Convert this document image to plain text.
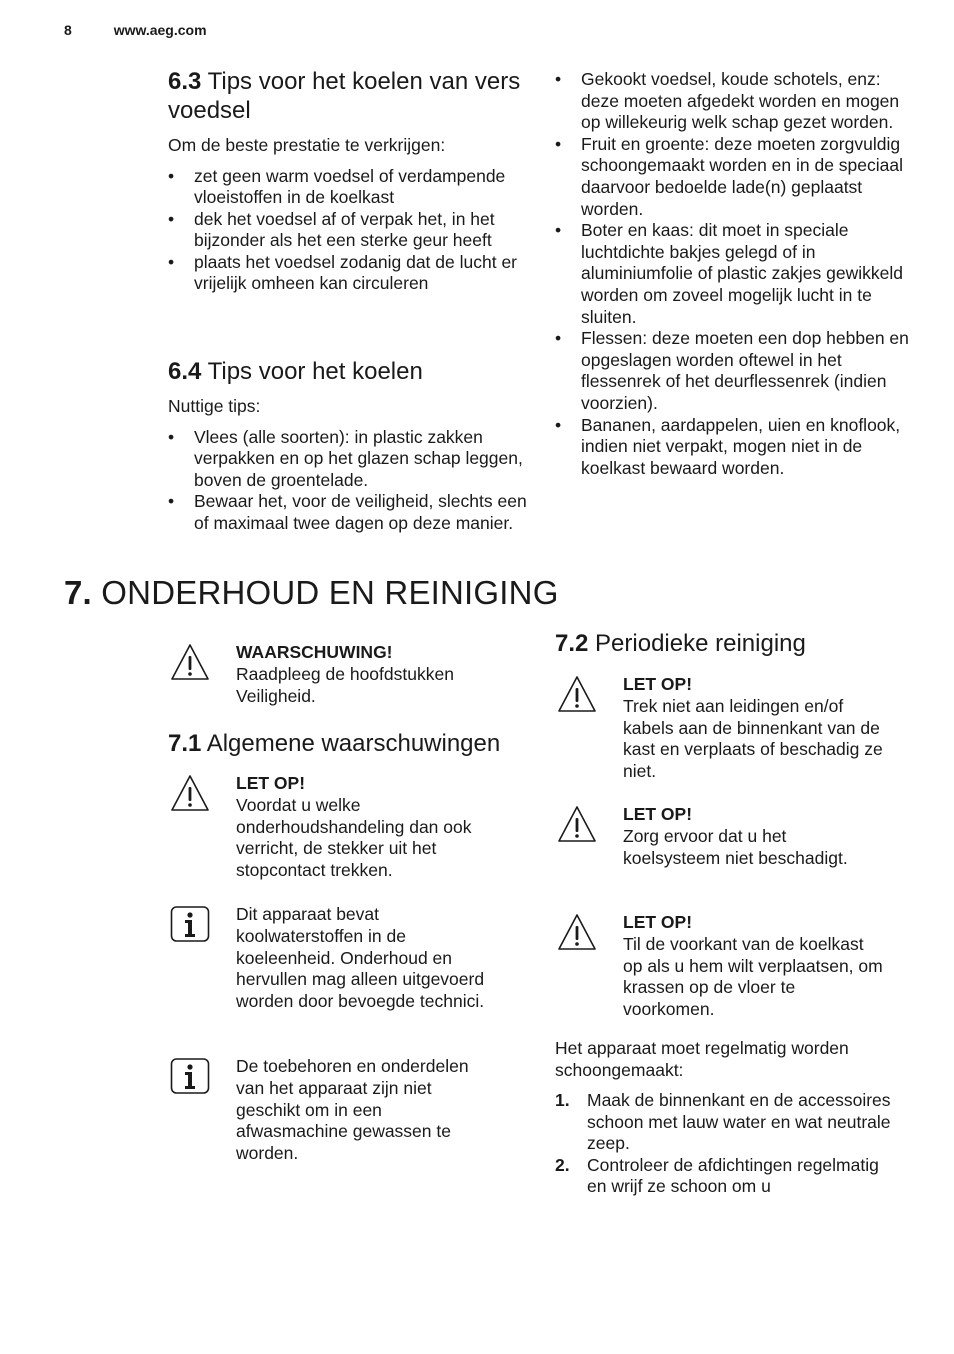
8	www.aeg.com
6.3 Tips voor het koelen van vers voedsel

Om de beste prestatie te verkrijgen:

• zet geen warm voedsel of verdampende vloeistoffen in de koelkast
• dek het voedsel af of verpak het, in het bijzonder als het een sterke geur heeft
• plaats het voedsel zodanig dat de lucht er vrijelijk omheen kan circuleren
6.4 Tips voor het koelen

Nuttige tips:

• Vlees (alle soorten): in plastic zakken verpakken en op het glazen schap leggen, boven de groentelade.
• Bewaar het, voor de veiligheid, slechts een of maximaal twee dagen op deze manier.
• Gekookt voedsel, koude schotels, enz: deze moeten afgedekt worden en mogen op willekeurig welk schap gezet worden.
• Fruit en groente: deze moeten zorgvuldig schoongemaakt worden en in de speciaal daarvoor bedoelde lade(n) geplaatst worden.
• Boter en kaas: dit moet in speciale luchtdichte bakjes gelegd of in aluminiumfolie of plastic zakjes gewikkeld worden om zoveel mogelijk lucht in te sluiten.
• Flessen: deze moeten een dop hebben en opgeslagen worden oftewel in het flessenrek of het deurflessenrek (indien voorzien).
• Bananen, aardappelen, uien en knoflook, indien niet verpakt, mogen niet in de koelkast bewaard worden.
7. ONDERHOUD EN REINIGING
WAARSCHUWING!
Raadpleeg de hoofdstukken Veiligheid.
7.1 Algemene waarschuwingen
LET OP!
Voordat u welke onderhoudshandeling dan ook verricht, de stekker uit het stopcontact trekken.
Dit apparaat bevat koolwaterstoffen in de koeleenheid. Onderhoud en hervullen mag alleen uitgevoerd worden door bevoegde technici.
De toebehoren en onderdelen van het apparaat zijn niet geschikt om in een afwasmachine gewassen te worden.
7.2 Periodieke reiniging
LET OP!
Trek niet aan leidingen en/of kabels aan de binnenkant van de kast en verplaats of beschadig ze niet.
LET OP!
Zorg ervoor dat u het koelsysteem niet beschadigt.
LET OP!
Til de voorkant van de koelkast op als u hem wilt verplaatsen, om krassen op de vloer te voorkomen.

Het apparaat moet regelmatig worden schoongemaakt:

1. Maak de binnenkant en de accessoires schoon met lauw water en wat neutrale zeep.
2. Controleer de afdichtingen regelmatig en wrijf ze schoon om u
